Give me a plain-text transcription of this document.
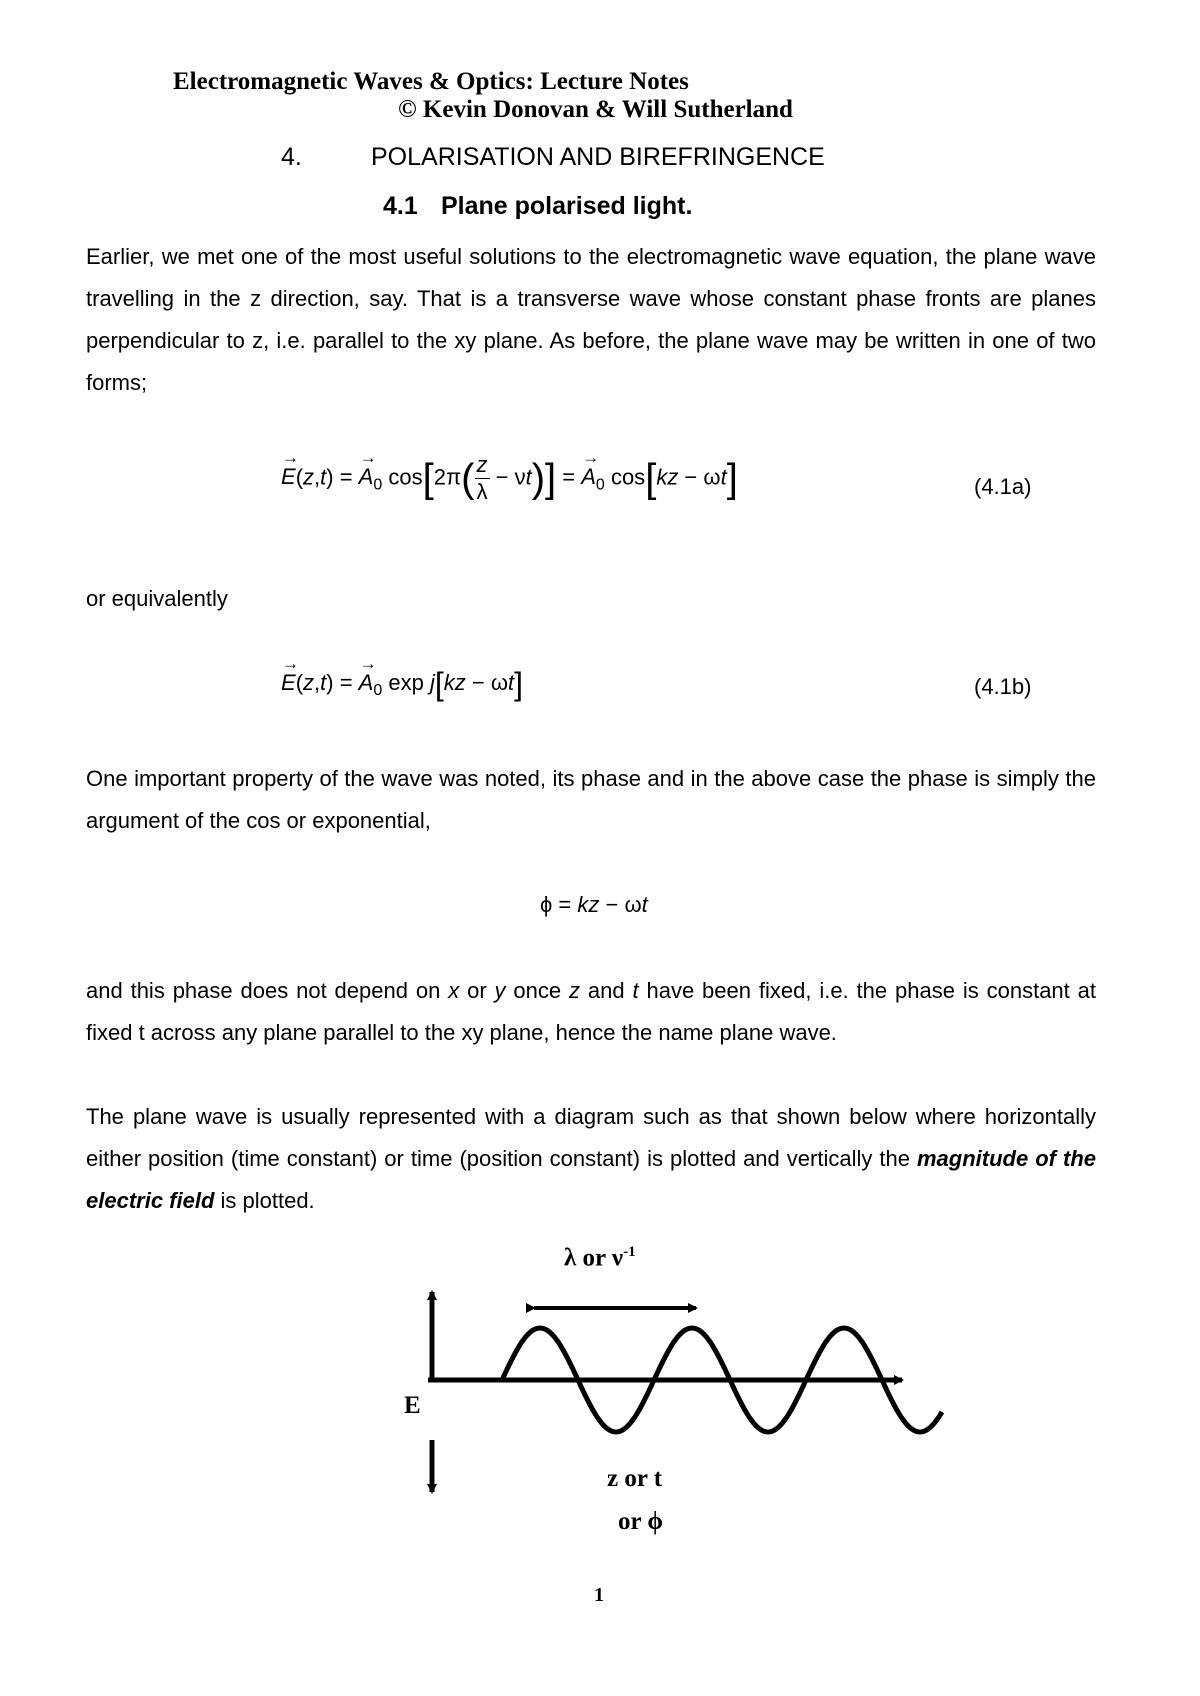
Electromagnetic Waves & Optics: Lecture Notes
© Kevin Donovan & Will Sutherland
4.	POLARISATION AND BIREFRINGENCE
4.1 Plane polarised light.

Earlier, we met one of the most useful solutions to the electromagnetic wave equation, the plane wave travelling in the z direction, say. That is a transverse wave whose constant phase fronts are planes perpendicular to z, i.e. parallel to the xy plane. As before, the plane wave may be written in one of two forms;

→ E(z,t) = → $A_0$ $\cos[2\pi( \frac{z}{\lambda} - \nu t)]$ = → $A_0$ cos[kz − ωt]	(4.1a)

or equivalently

→ E(z,t) = → $A_0$ exp j[kz − ωt]	(4.1b)

One important property of the wave was noted, its phase and in the above case the phase is simply the argument of the cos or exponential,

ϕ = kz − ωt

and this phase does not depend on x or y once z and t have been fixed, i.e. the phase is constant at fixed t across any plane parallel to the xy plane, hence the name plane wave.

The plane wave is usually represented with a diagram such as that shown below where horizontally either position (time constant) or time (position constant) is plotted and vertically the magnitude of the electric field is plotted.

λ or $\nu^{-1}$
E
z or t
or ϕ
1
